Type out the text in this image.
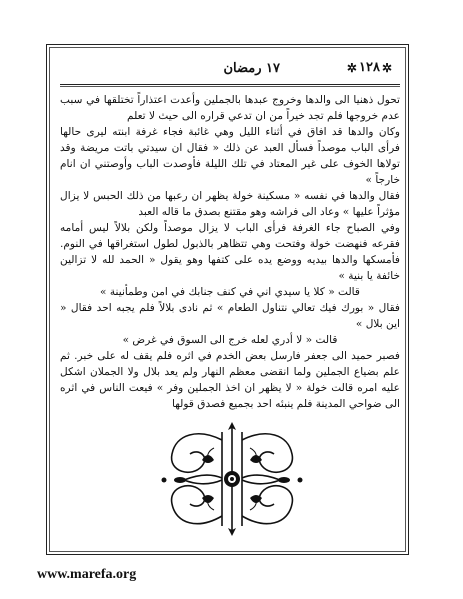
✲
١٢٨
✲
١٧ رمضان

تحول ذهنيا الى والدها وخروج عبدها بالجملين وأعدت اعتذاراً تختلقها في سبب عدم خروجها فلم تجد خيراً من ان تدعي قراره الى حيث لا تعلم

وكان والدها قد افاق في أثناء الليل وهي غائبة فجاء غرفة ابنته ليرى حالها فرأى الباب موصداً فسأل العبد عن ذلك « فقال ان سيدتي باتت مريضة وقد تولاها الخوف على غير المعتاد في تلك الليلة فأوصدت الباب وأوصتني ان انام خارجاً »

فقال والدها في نفسه « مسكينة خولة يظهر ان رعبها من ذلك الحبس لا يزال مؤثراً عليها » وعاد الى فراشه وهو مقتنع بصدق ما قاله العبد

وفي الصباح جاء الغرفة فرأى الباب لا يزال موصداً ولكن بلالاً ليس أمامه فقرعه فنهضت خولة وفتحت وهي تتظاهر بالذبول لطول استغراقها في النوم. فأمسكها والدها بيديه ووضع يده على كتفها وهو يقول « الحمد لله لا تزالين خائفة يا بنية »

قالت « كلا يا سيدي اني في كنف جنابك في امن وطمأنينة »

فقال « بورك فيك تعالي نتناول الطعام » ثم نادى بلالاً فلم يجبه احد فقال « اين بلال »

قالت « لا أدري لعله خرج الى السوق في غرض »

فصبر حميد الى جعفر فارسل بعض الخدم في اثره فلم يقف له على خبر. ثم علم بضياع الجملين ولما انقضى معظم النهار ولم يعد بلال ولا الجملان اشكل عليه امره قالت خولة « لا يظهر ان اخذ الجملين وفر » فيعت الناس في اثره الى ضواحي المدينة فلم ينبئه احد بجميع فصدق قولها

www.marefa.org
